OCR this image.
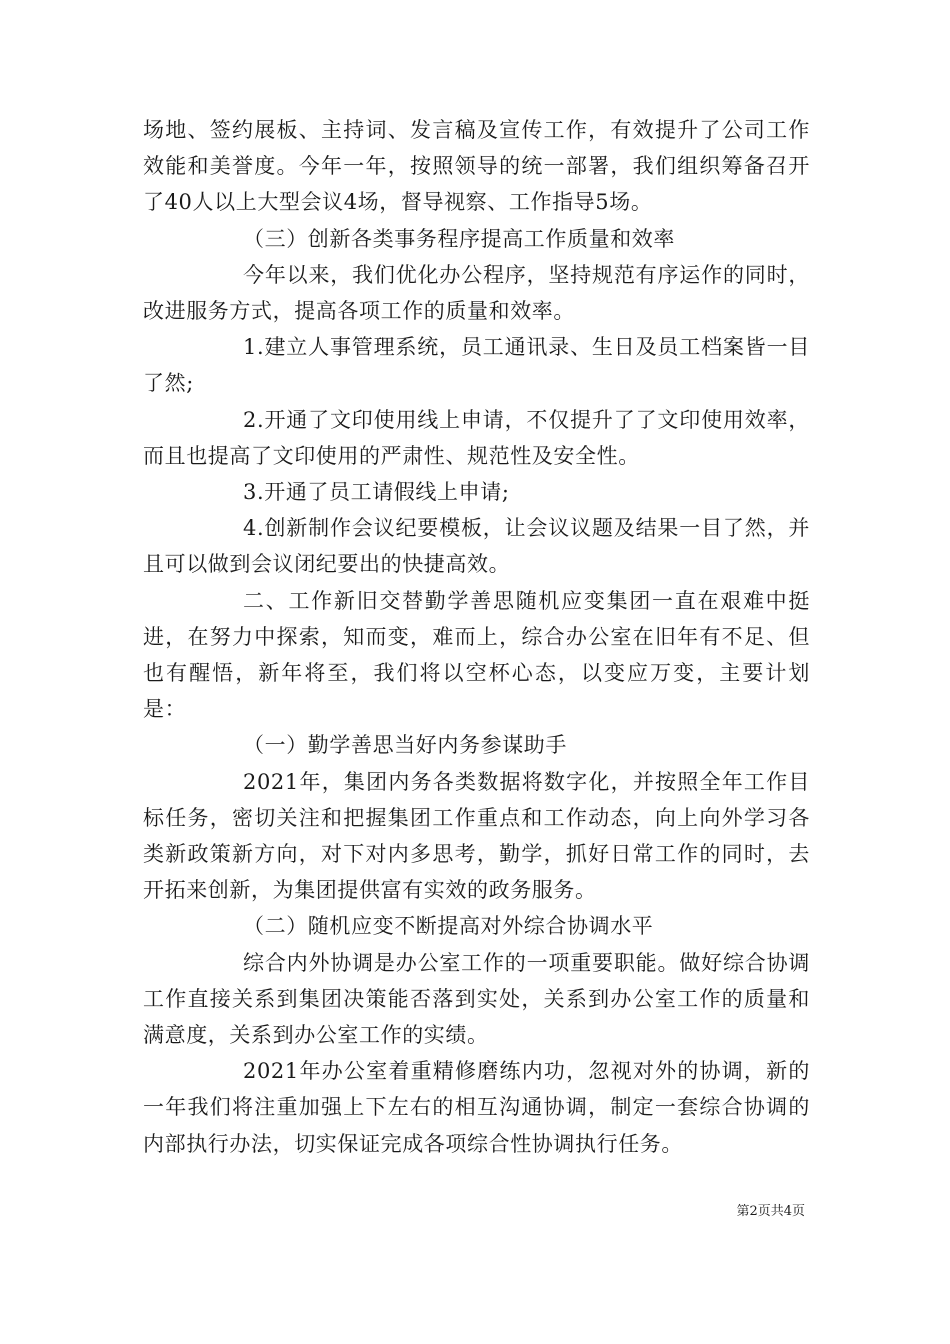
场地、签约展板、主持词、发言稿及宣传工作，有效提升了公司工作效能和美誉度。今年一年，按照领导的统一部署，我们组织筹备召开了40人以上大型会议4场，督导视察、工作指导5场。

（三）创新各类事务程序提高工作质量和效率

今年以来，我们优化办公程序，坚持规范有序运作的同时，改进服务方式，提高各项工作的质量和效率。

1.建立人事管理系统，员工通讯录、生日及员工档案皆一目了然;

2.开通了文印使用线上申请，不仅提升了了文印使用效率，而且也提高了文印使用的严肃性、规范性及安全性。

3.开通了员工请假线上申请;

4.创新制作会议纪要模板，让会议议题及结果一目了然，并且可以做到会议闭纪要出的快捷高效。

二、工作新旧交替勤学善思随机应变集团一直在艰难中挺进，在努力中探索，知而变，难而上，综合办公室在旧年有不足、但也有醒悟，新年将至，我们将以空杯心态，以变应万变，主要计划是：

（一）勤学善思当好内务参谋助手

2021年，集团内务各类数据将数字化，并按照全年工作目标任务，密切关注和把握集团工作重点和工作动态，向上向外学习各类新政策新方向，对下对内多思考，勤学，抓好日常工作的同时，去开拓来创新，为集团提供富有实效的政务服务。

（二）随机应变不断提高对外综合协调水平

综合内外协调是办公室工作的一项重要职能。做好综合协调工作直接关系到集团决策能否落到实处，关系到办公室工作的质量和满意度，关系到办公室工作的实绩。

2021年办公室着重精修磨练内功，忽视对外的协调，新的一年我们将注重加强上下左右的相互沟通协调，制定一套综合协调的内部执行办法，切实保证完成各项综合性协调执行任务。

第2页共4页
